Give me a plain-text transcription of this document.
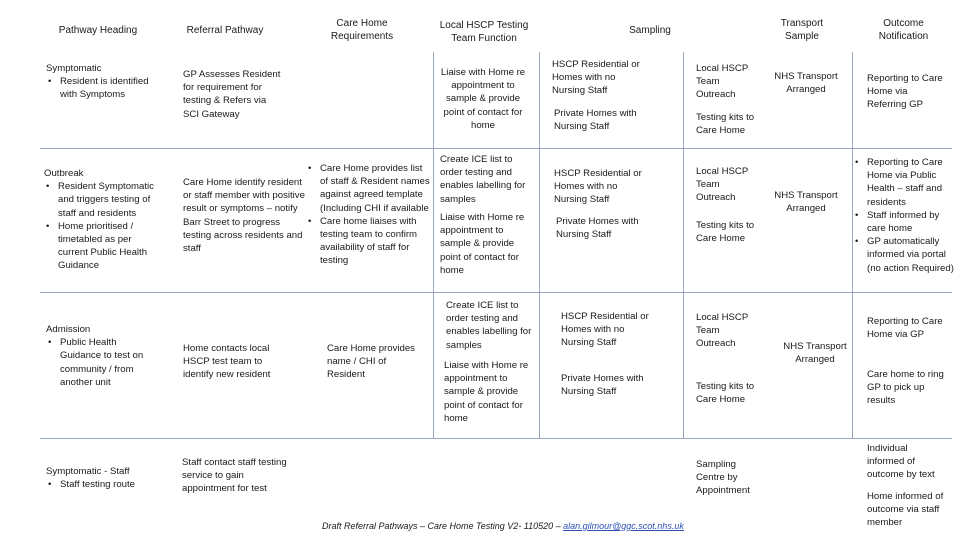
Pathway Heading	Referral Pathway
Care Home Requirements
Local HSCP Testing Team Function
Sampling
Transport Sample
Outcome Notification

Symptomatic

• Resident is identified with Symptoms
GP Assesses Resident for requirement for testing & Refers via SCI Gateway
Liaise with Home re appointment to sample & provide point of contact for home
HSCP Residential or Homes with no Nursing Staff
Private Homes with Nursing Staff
Local HSCP Team Outreach
Testing kits to Care Home
NHS Transport Arranged
Reporting to Care Home via Referring GP

Outbreak

• Resident Symptomatic and triggers testing of staff and residents
• Home prioritised / timetabled as per current Public Health Guidance
Care Home identify resident or staff member with positive result or symptoms – notify Barr Street to progress testing across residents and staff
• Care Home provides list of staff & Resident names against agreed template (Including CHI if available
• Care home liaises with testing team to confirm availability of staff for testing
Create ICE list to order testing and enables labelling for samples
Liaise with Home re appointment to sample & provide point of contact for home
HSCP Residential or Homes with no Nursing Staff
Private Homes with Nursing Staff
Local HSCP Team Outreach
Testing kits to Care Home
NHS Transport Arranged
• Reporting to Care Home via Public Health – staff and residents
• Staff informed by care home
• GP automatically informed via portal (no action Required)

Admission

• Public Health Guidance to test on community / from another unit
Home contacts local HSCP test team to identify new resident
Care Home provides name / CHI of Resident
Create ICE list to order testing and enables labelling for samples
Liaise with Home re appointment to sample & provide point of contact for home
HSCP Residential or Homes with no Nursing Staff
Private Homes with Nursing Staff
Local HSCP Team Outreach
Testing kits to Care Home
NHS Transport Arranged
Reporting to Care Home via GP
Care home to ring GP to pick up results

Symptomatic - Staff

• Staff testing route
Staff contact staff testing service to gain appointment for test
Sampling Centre by Appointment
Individual informed of outcome by text
Home informed of outcome via staff member
Draft Referral Pathways – Care Home Testing V2- 110520 – alan.gilmour@ggc.scot.nhs.uk
